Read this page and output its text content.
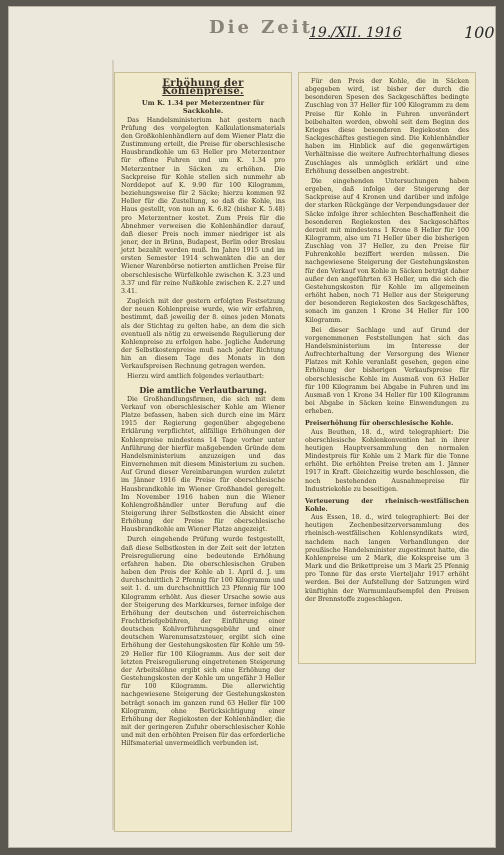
Die Zeit
19./XII. 1916	100
Erhöhung der Kohlenpreise.
Um K. 1.34 per Meterzentner für Sackkohle.

Das Handelsministerium hat gestern nach Prüfung des vorgelegten Kalkulationsmaterials den Großkohlenhändlern auf dem Wiener Platz die Zustimmung erteilt, die Preise für oberschlesische Hausbrandkohle um 63 Heller pro Meterzentner für offene Fuhren und um K. 1.34 pro Meterzentner in Säcken zu erhöhen. Die Sackpreise für Kohle stellen sich nunmehr ab Norddepot auf K. 9.90 für 100 Kilogramm, beziehungsweise für 2 Säcke; hierzu kommen 92 Heller für die Zustellung, so daß die Kohle, ins Haus gestellt, von nun an K. 6.82 (bisher K. 5.48) pro Meterzentner kostet. Zum Preis für die Abnehmer verweisen die Kohlenhändler darauf, daß dieser Preis noch immer niedriger ist als jener, der in Brünn, Budapest, Berlin oder Breslau jetzt bezahlt werden muß. Im Jahre 1915 und im ersten Semester 1914 schwankten die an der Wiener Warenbörse notierten amtlichen Preise für oberschlesische Würfelkohle zwischen K. 3.23 und 3.37 und für reine Nußkohle zwischen K. 2.27 und 3.41.

Zugleich mit der gestern erfolgten Festsetzung der neuen Kohlenpreise wurde, wie wir erfahren, bestimmt, daß jeweilig der 8. eines jeden Monats als der Stichtag zu gelten habe, an dem die sich eventuell als nötig zu erweisende Regulierung der Kohlenpreise zu erfolgen habe. Jegliche Änderung der Selbstkostenpreise muß nach jeder Richtung hin an diesem Tage des Monats in den Verkaufspreisen Rechnung getragen werden.

Hierzu wird amtlich folgendes verlautbart:

Die amtliche Verlautbarung.

Die Großhandlungsfirmen, die sich mit dem Verkauf von oberschlesischer Kohle am Wiener Platze befassen, haben sich durch eine im März 1915 der Regierung gegenüber abgegebene Erklärung verpflichtet, allfällige Erhöhungen der Kohlenpreise mindestens 14 Tage vorher unter Anführung der hierfür maßgebenden Gründe dem Handelsministerium anzuzeigen und das Einvernehmen mit diesem Ministerium zu suchen. Auf Grund dieser Vereinbarungen wurden zuletzt im Jänner 1916 die Preise für oberschlesische Hausbrandkohle im Wiener Großhandel geregelt. Im November 1916 haben nun die Wiener Kohlengroßhändler unter Berufung auf die Steigerung ihrer Selbstkosten die Absicht einer Erhöhung der Preise für oberschlesische Hausbrandkohle am Wiener Platze angezeigt.

Durch eingehende Prüfung wurde festgestellt, daß diese Selbstkosten in der Zeit seit der letzten Preisregulierung eine bedeutende Erhöhung erfahren haben. Die oberschlesischen Gruben haben den Preis der Kohle ab 1. April d. J. um durchschnittlich 2 Pfennig für 100 Kilogramm und seit 1. d. um durchschnittlich 23 Pfennig für 100 Kilogramm erhöht. Aus dieser Ursache sowie aus der Steigerung des Markkurses, ferner infolge der Erhöhung der deutschen und österreichischen Frachtbriefgebühren, der Einführung einer deutschen Kohlvorführungsgebühr und einer deutschen Warenumsatzsteuer, ergibt sich eine Erhöhung der Gestehungskosten für Kohle um 59-29 Heller für 100 Kilogramm. Aus der seit der letzten Preisregulierung eingetretenen Steigerung der Arbeitslöhne ergibt sich eine Erhöhung der Gestehungskosten der Kohle um ungefähr 3 Heller für 100 Kilogramm. Die allerwichtig nachgewiesene Steigerung der Gestehungskosten beträgt sonach im ganzen rund 63 Heller für 100 Kilogramm, ohne Berücksichtigung einer Erhöhung der Regiekosten der Kohlenhändler, die mit der geringeren Zufuhr oberschlesischer Kohle und mit den erhöhten Preisen für das erforderliche Hilfsmaterial unvermeidlich verbunden ist.

Für den Preis der Kohle, die in Säcken abgegeben wird, ist bisher der durch die besonderen Spesen des Sackgeschäftes bedingte Zuschlag von 37 Heller für 100 Kilogramm zu dem Preise für Kohle in Fuhren unverändert beibehalten worden, obwohl seit dem Beginn des Krieges diese besonderen Regiekosten des Sackgeschäftes gestiegen sind. Die Kohlenhändler haben im Hinblick auf die gegenwärtigen Verhältnisse die weitere Aufrechterhaltung dieses Zuschlages als unmöglich erklärt und eine Erhöhung desselben angestrebt.

Die eingehenden Untersuchungen haben ergeben, daß infolge der Steigerung der Sackpreise auf 4 Kronen und darüber und infolge der starken Rückgänge der Verpendungsdauer der Säcke infolge ihrer schlechten Beschaffenheit die besonderen Regiekosten des Sackgeschäftes derzeit mit mindestens 1 Krone 8 Heller für 100 Kilogramm, also um 71 Heller über die bisherigen Zuschlag von 37 Heller, zu den Preise für Fuhrenkohle beziffert werden müssen. Die nachgewiesene Steigerung der Gestehungskosten für den Verkauf von Kohle in Säcken beträgt daher außer den angeführten 63 Heller, um die sich die Gestehungskosten für Kohle im allgemeinen erhöht haben, noch 71 Heller aus der Steigerung der besonderen Regiekosten des Sackgeschäftes, sonach im ganzen 1 Krone 34 Heller für 100 Kilogramm.

Bei dieser Sachlage und auf Grund der vorgenommenen Feststellungen hat sich das Handelsministerium im Interesse der Aufrechterhaltung der Versorgung des Wiener Platzes mit Kohle veranlaßt gesehen, gegen eine Erhöhung der bisherigen Verkaufspreise für oberschlesische Kohle im Ausmaß von 63 Heller für 100 Kilogramm bei Abgabe in Fuhren und im Ausmaß von 1 Krone 34 Heller für 100 Kilogramm bei Abgabe in Säcken keine Einwendungen zu erheben.

Preiserhöhung für oberschlesische Kohle.

Aus Beuthen, 18. d., wird telegraphiert: Die oberschlesische Kohlenkonvention hat in ihrer heutigen Hauptversammlung den normalen Mindestpreis für Kohle um 2 Mark für die Tonne erhöht. Die erhöhten Preise treten am 1. Jänner 1917 in Kraft. Gleichzeitig wurde beschlossen, die noch bestehenden Ausnahmepreise für Industriekohle zu beseitigen.

Verteuerung der rheinisch-westfälischen Kohle.

Aus Essen, 18. d., wird telegraphiert: Bei der heutigen Zechenbesitzerversammlung des rheinisch-westfälischen Kohlensyndikats wird, nachdem nach langen Verhandlungen der preußische Handelsminister zugestimmt hatte, die Kohlenpreise um 2 Mark, die Kokspreise um 3 Mark und die Brikettpreise um 3 Mark 25 Pfennig pro Tonne für das erste Vierteljahr 1917 erhöht werden. Bei der Aufstellung der Satzungen wird künftighin der Warmumlaufsempfel den Preisen der Brennstoffe zugeschlagen.
